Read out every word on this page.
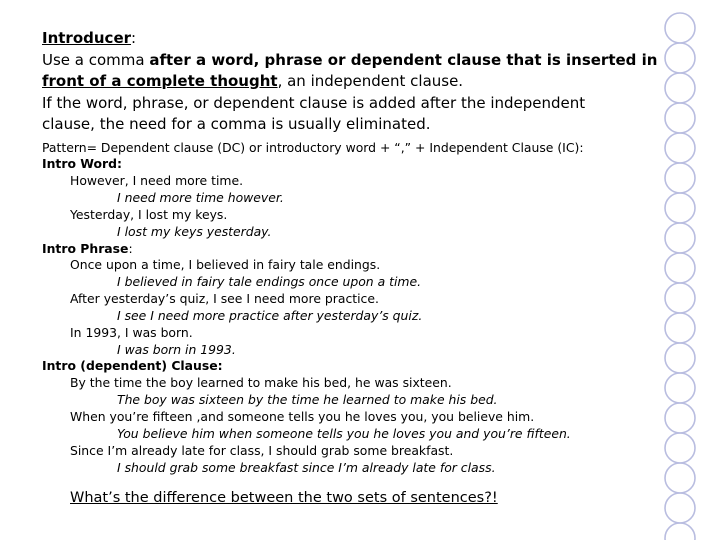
Introducer:
Use a comma after a word, phrase or dependent clause that is inserted in
front of a complete thought, an independent clause.
If the word, phrase, or dependent clause is added after the independent
clause, the need for a comma is usually eliminated.
Pattern= Dependent clause (DC) or introductory word + “,” + Independent Clause (IC):
Intro Word:
However, I need more time.
I need more time however.
Yesterday, I lost my keys.
I lost my keys yesterday.
Intro Phrase:
Once upon a time, I believed in fairy tale endings.
I believed in fairy tale endings once upon a time.
After yesterday’s quiz, I see I need more practice.
I see I need more practice after yesterday’s quiz.
In 1993, I was born.
I was born in 1993.
Intro (dependent) Clause:
By the time the boy learned to make his bed, he was sixteen.
The boy was sixteen by the time he learned to make his bed.
When you’re fifteen ,and someone tells you he loves you, you believe him.
You believe him when someone tells you he loves you and you’re fifteen.
Since I’m already late for class, I should grab some breakfast.
I should grab some breakfast since I’m already late for class.
What’s the difference between the two sets of sentences?!
